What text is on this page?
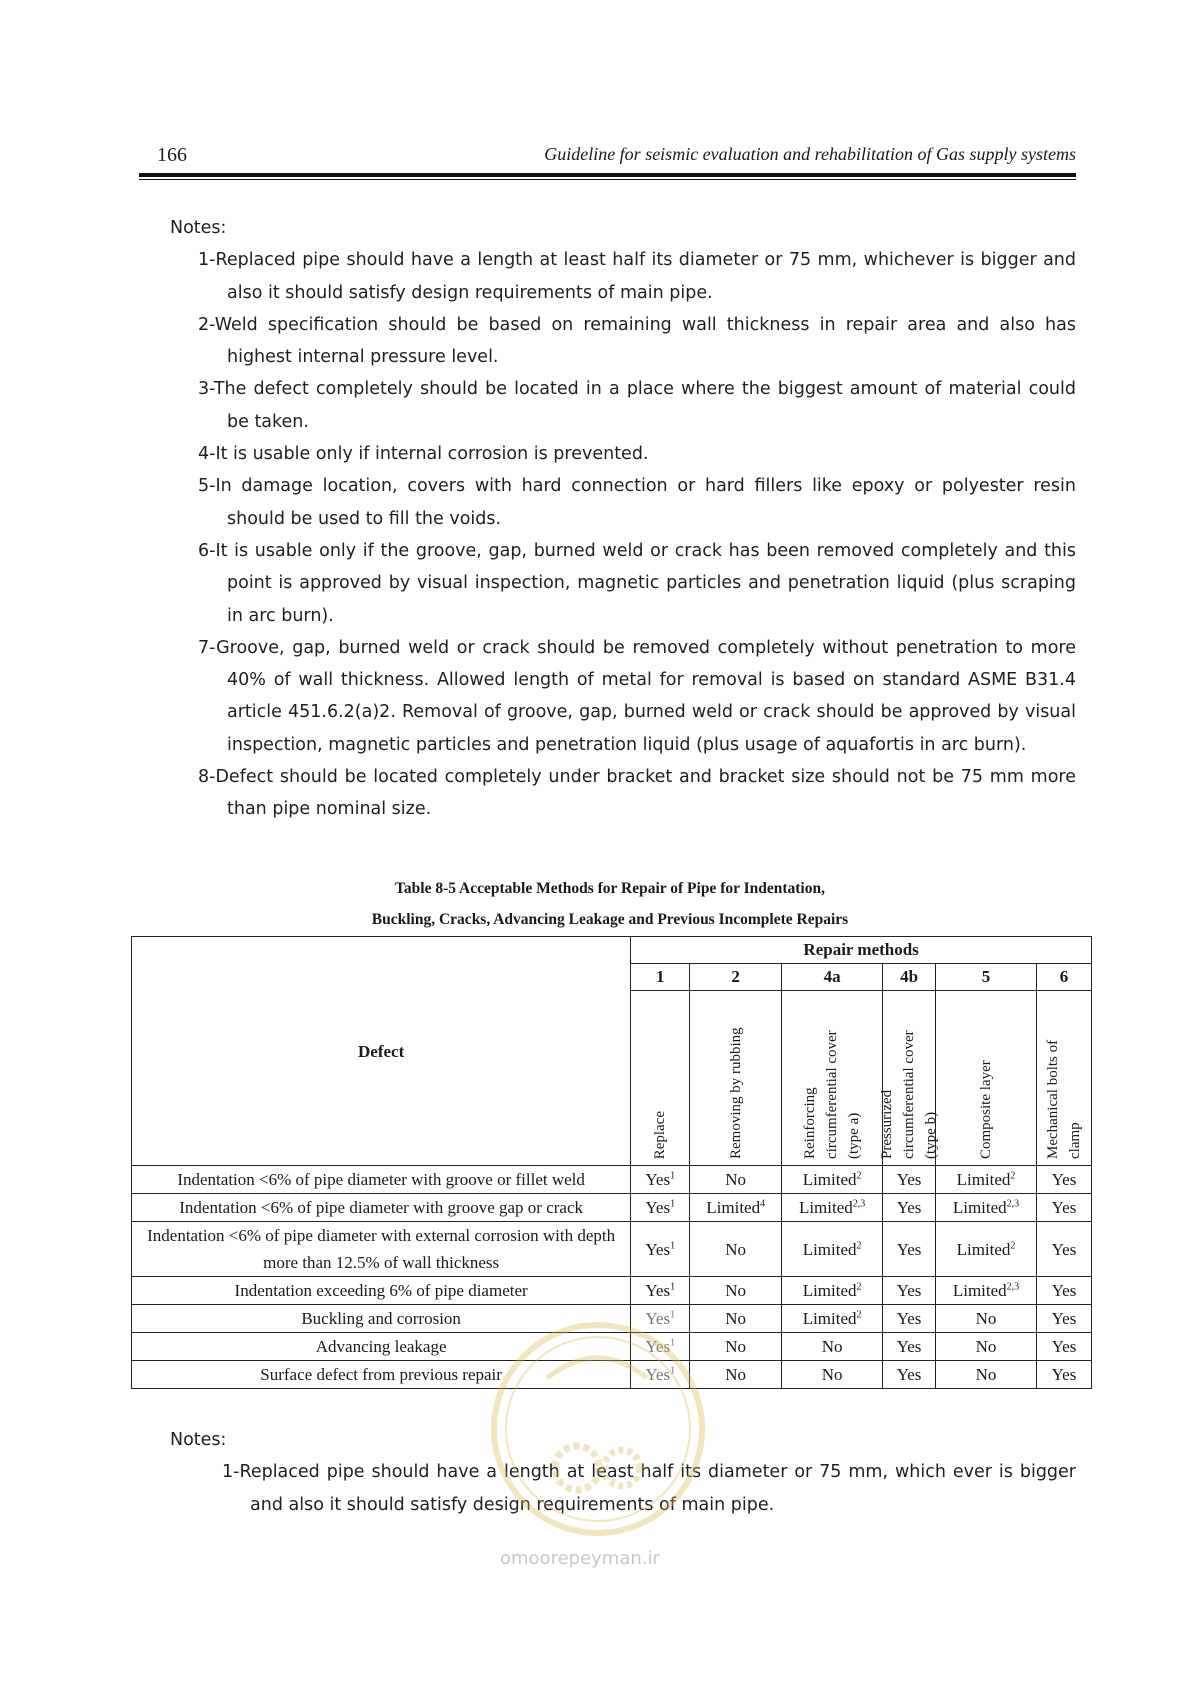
166	Guideline for seismic evaluation and rehabilitation of Gas supply systems

Notes:

1-Replaced pipe should have a length at least half its diameter or 75 mm, whichever is bigger and also it should satisfy design requirements of main pipe.

2-Weld specification should be based on remaining wall thickness in repair area and also has highest internal pressure level.

3-The defect completely should be located in a place where the biggest amount of material could be taken.

4-It is usable only if internal corrosion is prevented.

5-In damage location, covers with hard connection or hard fillers like epoxy or polyester resin should be used to fill the voids.

6-It is usable only if the groove, gap, burned weld or crack has been removed completely and this point is approved by visual inspection, magnetic particles and penetration liquid (plus scraping in arc burn).

7-Groove, gap, burned weld or crack should be removed completely without penetration to more 40% of wall thickness. Allowed length of metal for removal is based on standard ASME B31.4 article 451.6.2(a)2. Removal of groove, gap, burned weld or crack should be approved by visual inspection, magnetic particles and penetration liquid (plus usage of aquafortis in arc burn).

8-Defect should be located completely under bracket and bracket size should not be 75 mm more than pipe nominal size.

Table 8-5 Acceptable Methods for Repair of Pipe for Indentation,
Buckling, Cracks, Advancing Leakage and Previous Incomplete Repairs
Defect	Repair methods					
	1	2	4a	4b	5	6

	Replace	Removing by rubbing	Reinforcing circumferential cover (type a)	Pressurized circumferential cover (type b)	Composite layer	Mechanical bolts of clamp

Indentation <6% of pipe diameter with groove or fillet weld	Yes$^1$	No	Limited$^2$	Yes	Limited$^2$	Yes
Indentation <6% of pipe diameter with groove gap or crack	Yes$^1$	Limited$^4$	Limited$^{2,3}$	Yes	Limited$^{2,3}$	Yes
Indentation <6% of pipe diameter with external corrosion with depth more than 12.5% of wall thickness	Yes$^1$	No	Limited$^2$	Yes	Limited$^2$	Yes
Indentation exceeding 6% of pipe diameter	Yes$^1$	No	Limited$^2$	Yes	Limited$^{2,3}$	Yes
Buckling and corrosion	Yes$^1$	No	Limited$^2$	Yes	No	Yes
Advancing leakage	Yes$^1$	No	No	Yes	No	Yes
Surface defect from previous repair	Yes$^1$	No	No	Yes	No	Yes

Notes:

1-Replaced pipe should have a length at least half its diameter or 75 mm, which ever is bigger and also it should satisfy design requirements of main pipe.

omoorepeyman.ir
